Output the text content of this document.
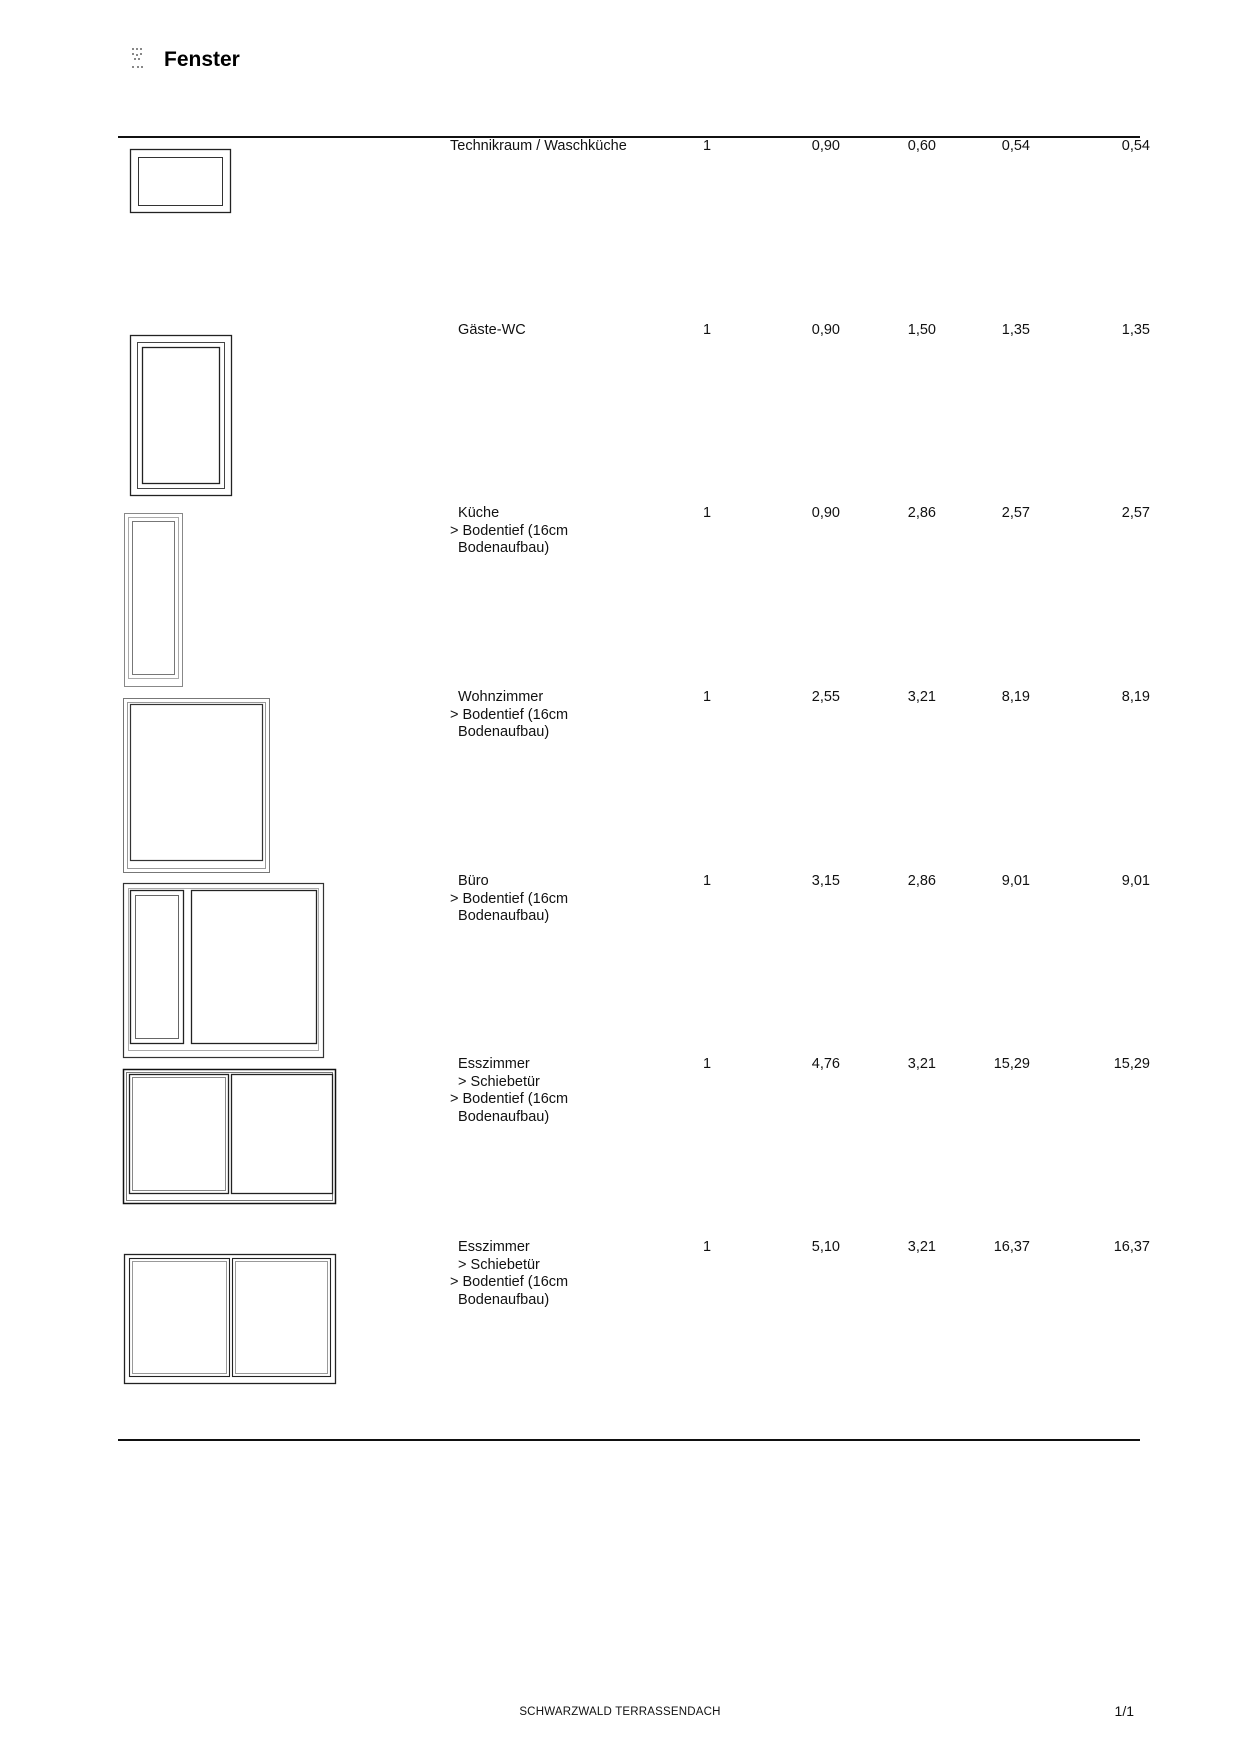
Fenster
Technikraum / Waschküche	1	0,90	0,60	0,54	0,54
Gäste-WC	1	0,90	1,50	1,35	1,35
Küche
> Bodentief (16cm
Bodenaufbau)
1	0,90	2,86	2,57	2,57
Wohnzimmer
> Bodentief (16cm
Bodenaufbau)
1	2,55	3,21	8,19	8,19
Büro
> Bodentief (16cm
Bodenaufbau)
1	3,15	2,86	9,01	9,01
Esszimmer
> Schiebetür
> Bodentief (16cm
Bodenaufbau)
1	4,76	3,21	15,29	15,29
Esszimmer
> Schiebetür
> Bodentief (16cm
Bodenaufbau)
1	5,10	3,21	16,37	16,37
SCHWARZWALD TERRASSENDACH	1/1
